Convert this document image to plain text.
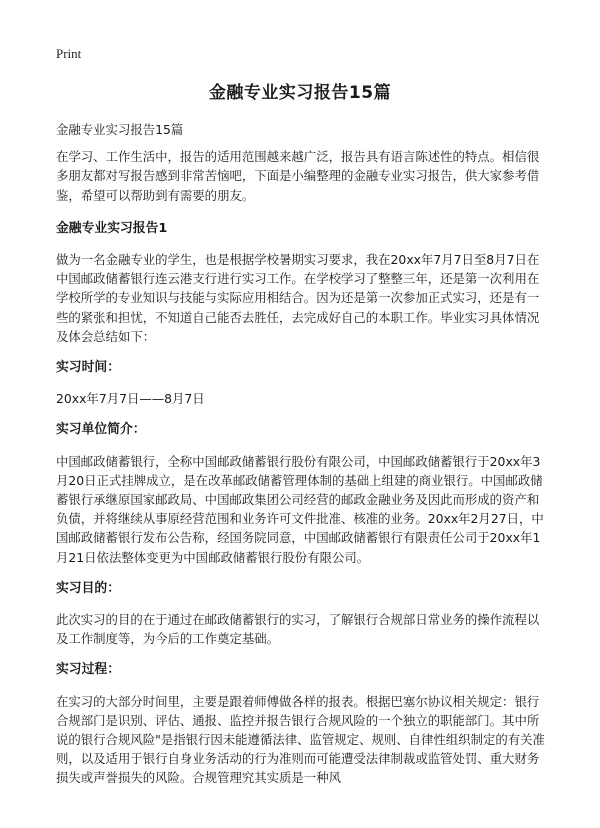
Print
金融专业实习报告15篇

金融专业实习报告15篇

在学习、工作生活中，报告的适用范围越来越广泛，报告具有语言陈述性的特点。相信很多朋友都对写报告感到非常苦恼吧，下面是小编整理的金融专业实习报告，供大家参考借鉴，希望可以帮助到有需要的朋友。

金融专业实习报告1

做为一名金融专业的学生，也是根据学校暑期实习要求，我在20xx年7月7日至8月7日在中国邮政储蓄银行连云港支行进行实习工作。在学校学习了整整三年，还是第一次利用在学校所学的专业知识与技能与实际应用相结合。因为还是第一次参加正式实习，还是有一些的紧张和担忧，不知道自己能否去胜任，去完成好自己的本职工作。毕业实习具体情况及体会总结如下：

实习时间：

20xx年7月7日——8月7日

实习单位简介：

中国邮政储蓄银行，全称中国邮政储蓄银行股份有限公司，中国邮政储蓄银行于20xx年3月20日正式挂牌成立，是在改革邮政储蓄管理体制的基础上组建的商业银行。中国邮政储蓄银行承继原国家邮政局、中国邮政集团公司经营的邮政金融业务及因此而形成的资产和负债，并将继续从事原经营范围和业务许可文件批准、核准的业务。20xx年2月27日，中国邮政储蓄银行发布公告称，经国务院同意，中国邮政储蓄银行有限责任公司于20xx年1月21日依法整体变更为中国邮政储蓄银行股份有限公司。

实习目的：

此次实习的目的在于通过在邮政储蓄银行的实习，了解银行合规部日常业务的操作流程以及工作制度等，为今后的工作奠定基础。

实习过程：

在实习的大部分时间里，主要是跟着师傅做各样的报表。根据巴塞尔协议相关规定：银行合规部门是识别、评估、通报、监控并报告银行合规风险的一个独立的职能部门。其中所说的银行合规风险"是指银行因未能遵循法律、监管规定、规则、自律性组织制定的有关准则，以及适用于银行自身业务活动的行为准则而可能遭受法律制裁或监管处罚、重大财务损失或声誉损失的风险。合规管理究其实质是一种风
